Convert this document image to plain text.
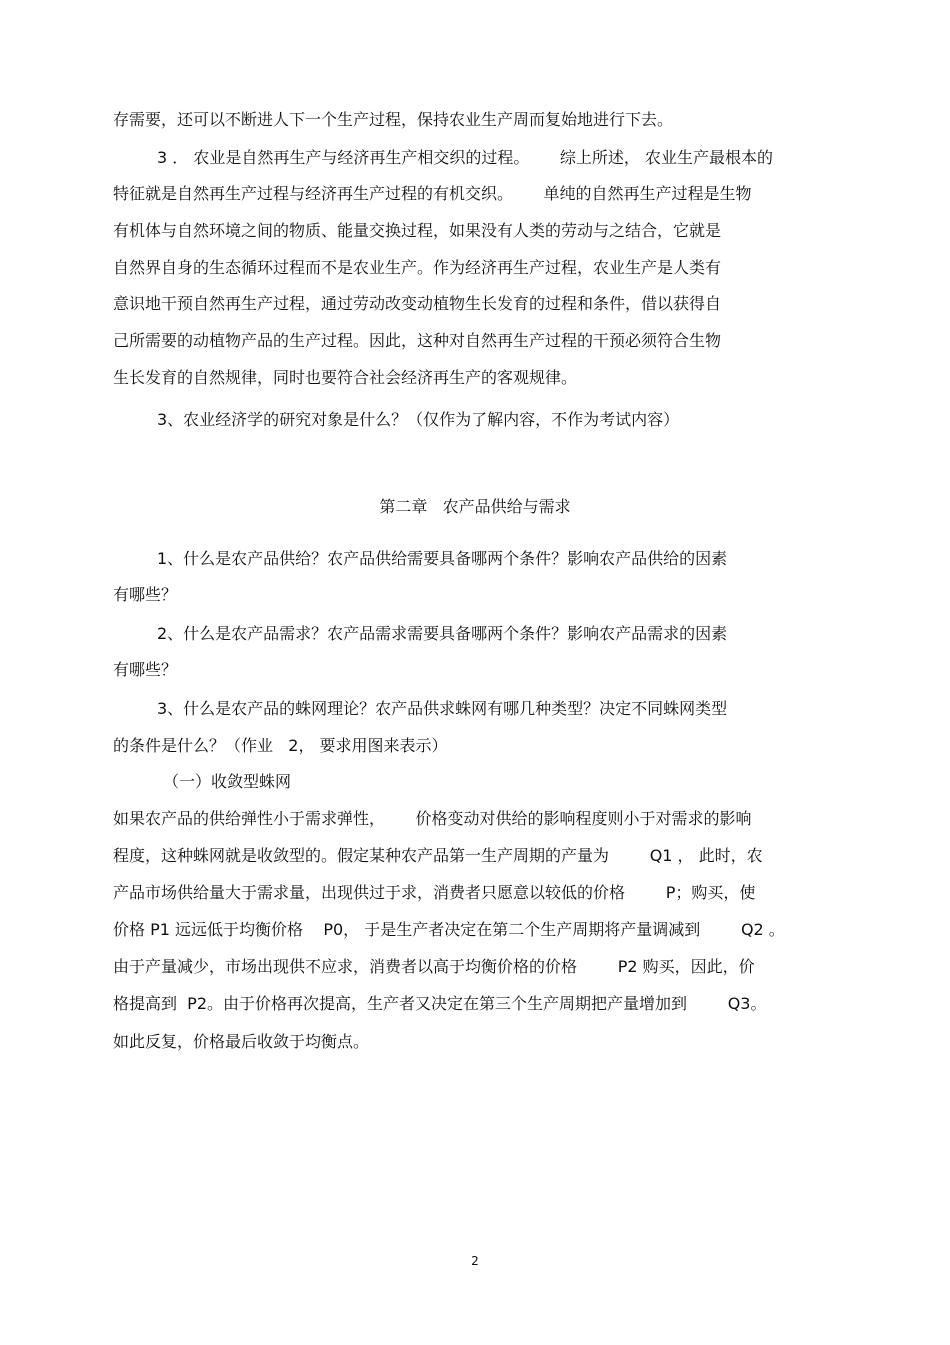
存需要，还可以不断进人下一个生产过程，保持农业生产周而复始地进行下去。
3 ． 农业是自然再生产与经济再生产相交织的过程。      综上所述， 农业生产最根本的
特征就是自然再生产过程与经济再生产过程的有机交织。      单纯的自然再生产过程是生物
有机体与自然环境之间的物质、能量交换过程，如果没有人类的劳动与之结合，它就是
自然界自身的生态循环过程而不是农业生产。作为经济再生产过程，农业生产是人类有
意识地干预自然再生产过程，通过劳动改变动植物生长发育的过程和条件，借以获得自
己所需要的动植物产品的生产过程。因此，这种对自然再生产过程的干预必须符合生物
生长发育的自然规律，同时也要符合社会经济再生产的客观规律。
3、农业经济学的研究对象是什么？（仅作为了解内容，不作为考试内容）
第二章   农产品供给与需求
1、什么是农产品供给？农产品供给需要具备哪两个条件？影响农产品供给的因素
有哪些？
2、什么是农产品需求？农产品需求需要具备哪两个条件？影响农产品需求的因素
有哪些？
3、什么是农产品的蛛网理论？农产品供求蛛网有哪几种类型？决定不同蛛网类型
的条件是什么？（作业   2， 要求用图来表示）
（一）收敛型蛛网
如果农产品的供给弹性小于需求弹性，      价格变动对供给的影响程度则小于对需求的影响
程度，这种蛛网就是收敛型的。假定某种农产品第一生产周期的产量为        Q1 ， 此时，农
产品市场供给量大于需求量，出现供过于求，消费者只愿意以较低的价格        P；购买，使
价格 P1 远远低于均衡价格    P0， 于是生产者决定在第二个生产周期将产量调减到        Q2 。
由于产量减少，市场出现供不应求，消费者以高于均衡价格的价格        P2 购买，因此，价
格提高到  P2。由于价格再次提高，生产者又决定在第三个生产周期把产量增加到        Q3。
如此反复，价格最后收敛于均衡点。
2
